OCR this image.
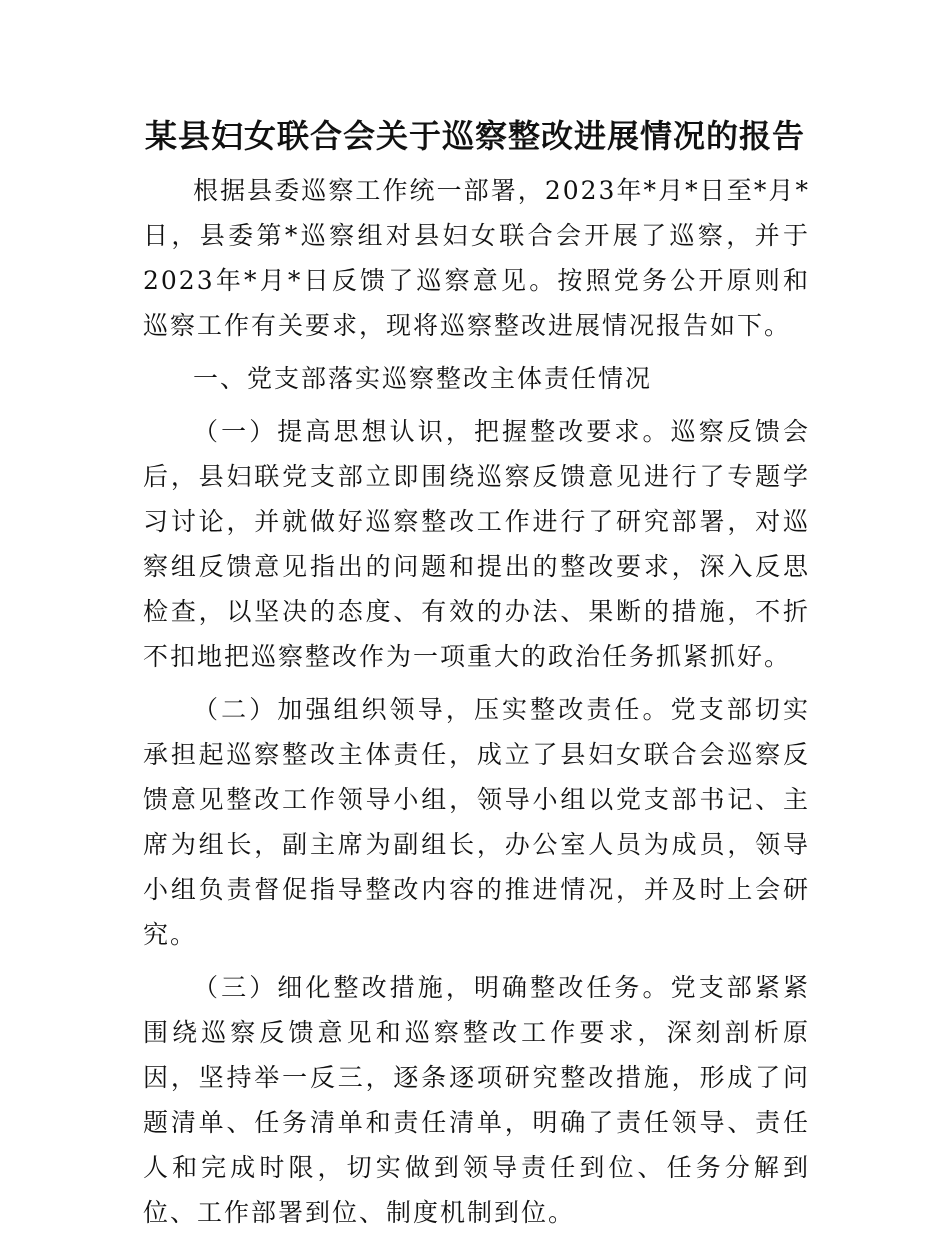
某县妇女联合会关于巡察整改进展情况的报告

根据县委巡察工作统一部署，2023年*月*日至*月*日，县委第*巡察组对县妇女联合会开展了巡察，并于2023年*月*日反馈了巡察意见。按照党务公开原则和巡察工作有关要求，现将巡察整改进展情况报告如下。

一、党支部落实巡察整改主体责任情况

（一）提高思想认识，把握整改要求。巡察反馈会后，县妇联党支部立即围绕巡察反馈意见进行了专题学习讨论，并就做好巡察整改工作进行了研究部署，对巡察组反馈意见指出的问题和提出的整改要求，深入反思检查，以坚决的态度、有效的办法、果断的措施，不折不扣地把巡察整改作为一项重大的政治任务抓紧抓好。

（二）加强组织领导，压实整改责任。党支部切实承担起巡察整改主体责任，成立了县妇女联合会巡察反馈意见整改工作领导小组，领导小组以党支部书记、主席为组长，副主席为副组长，办公室人员为成员，领导小组负责督促指导整改内容的推进情况，并及时上会研究。

（三）细化整改措施，明确整改任务。党支部紧紧围绕巡察反馈意见和巡察整改工作要求，深刻剖析原因，坚持举一反三，逐条逐项研究整改措施，形成了问题清单、任务清单和责任清单，明确了责任领导、责任人和完成时限，切实做到领导责任到位、任务分解到位、工作部署到位、制度机制到位。
